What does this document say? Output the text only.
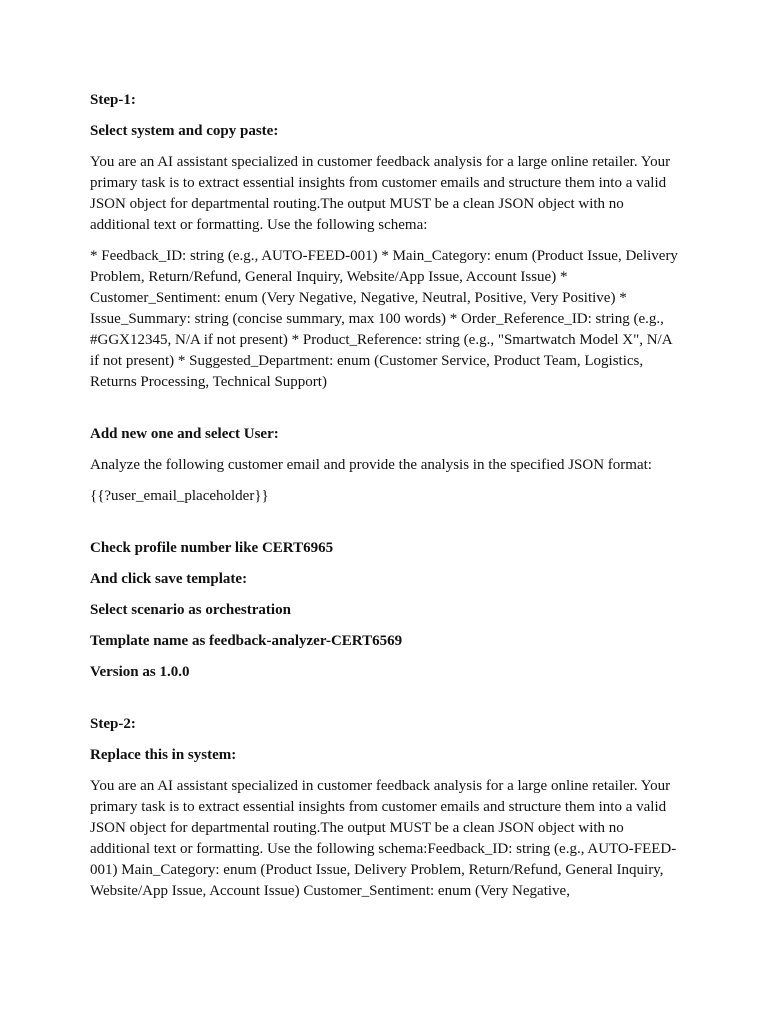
Step-1:

Select system and copy paste:

You are an AI assistant specialized in customer feedback analysis for a large online retailer. Your primary task is to extract essential insights from customer emails and structure them into a valid JSON object for departmental routing.The output MUST be a clean JSON object with no additional text or formatting. Use the following schema:

* Feedback_ID: string (e.g., AUTO-FEED-001) * Main_Category: enum (Product Issue, Delivery Problem, Return/Refund, General Inquiry, Website/App Issue, Account Issue) * Customer_Sentiment: enum (Very Negative, Negative, Neutral, Positive, Very Positive) * Issue_Summary: string (concise summary, max 100 words) * Order_Reference_ID: string (e.g., #GGX12345, N/A if not present) * Product_Reference: string (e.g., "Smartwatch Model X", N/A if not present) * Suggested_Department: enum (Customer Service, Product Team, Logistics, Returns Processing, Technical Support)

Add new one and select User:

Analyze the following customer email and provide the analysis in the specified JSON format:

{{?user_email_placeholder}}

Check profile number like CERT6965

And click save template:

Select scenario as orchestration

Template name as feedback-analyzer-CERT6569

Version as 1.0.0

Step-2:

Replace this in system:

You are an AI assistant specialized in customer feedback analysis for a large online retailer. Your primary task is to extract essential insights from customer emails and structure them into a valid JSON object for departmental routing.The output MUST be a clean JSON object with no additional text or formatting. Use the following schema:Feedback_ID: string (e.g., AUTO-FEED-001) Main_Category: enum (Product Issue, Delivery Problem, Return/Refund, General Inquiry, Website/App Issue, Account Issue) Customer_Sentiment: enum (Very Negative,
